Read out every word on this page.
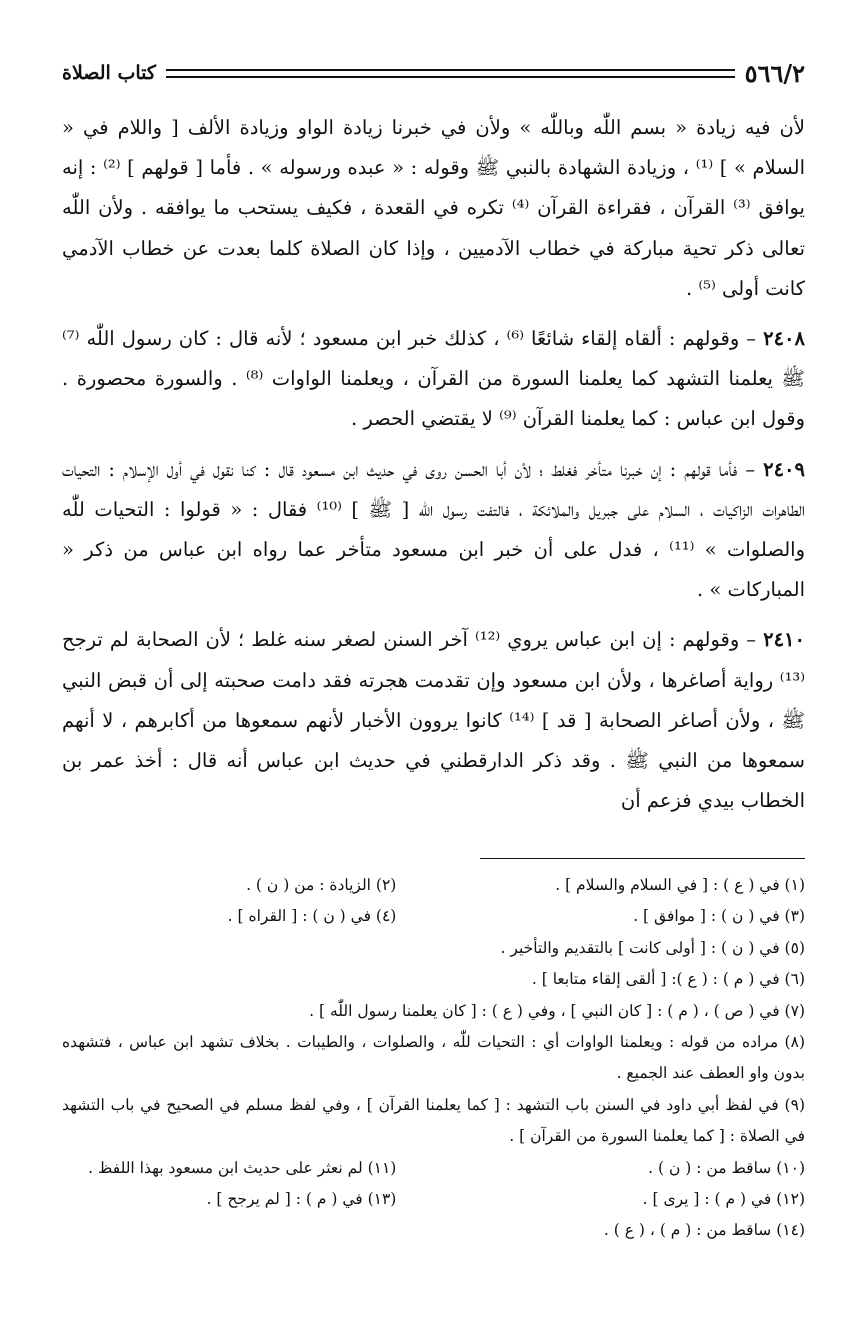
٥٦٦/٢
كتاب الصلاة

لأن فيه زيادة « بسم اللّٰه وباللّٰه » ولأن في خبرنا زيادة الواو وزيادة الألف [ واللام في « السلام » ] ⁽¹⁾ ، وزيادة الشهادة بالنبي ﷺ وقوله : « عبده ورسوله » . فأما [ قولهم ] ⁽²⁾ : إنه يوافق ⁽³⁾ القرآن ، فقراءة القرآن ⁽⁴⁾ تكره في القعدة ، فكيف يستحب ما يوافقه . ولأن اللّٰه تعالى ذكر تحية مباركة في خطاب الآدميين ، وإذا كان الصلاة كلما بعدت عن خطاب الآدمي كانت أولى ⁽⁵⁾ .

٢٤٠٨ – وقولهم : ألقاه إلقاء شائعًا ⁽⁶⁾ ، كذلك خبر ابن مسعود ؛ لأنه قال : كان رسول اللّٰه ⁽⁷⁾ ﷺ يعلمنا التشهد كما يعلمنا السورة من القرآن ، ويعلمنا الواوات ⁽⁸⁾ . والسورة محصورة . وقول ابن عباس : كما يعلمنا القرآن ⁽⁹⁾ لا يقتضي الحصر .

٢٤٠٩ – فأما قولهم : إن خبرنا متأخر فغلط ؛ لأن أبا الحسن روى في حديث ابن مسعود قال : كنا نقول في أول الإسلام : التحيات الطاهرات الزاكيات ، السلام على جبريل والملائكة ، فالتفت رسول اللّٰه [ ﷺ ] ⁽¹⁰⁾ فقال : « قولوا : التحيات للّٰه والصلوات » ⁽¹¹⁾ ، فدل على أن خبر ابن مسعود متأخر عما رواه ابن عباس من ذكر « المباركات » .

٢٤١٠ – وقولهم : إن ابن عباس يروي ⁽¹²⁾ آخر السنن لصغر سنه غلط ؛ لأن الصحابة لم ترجح ⁽¹³⁾ رواية أصاغرها ، ولأن ابن مسعود وإن تقدمت هجرته فقد دامت صحبته إلى أن قبض النبي ﷺ ، ولأن أصاغر الصحابة [ قد ] ⁽¹⁴⁾ كانوا يروون الأخبار لأنهم سمعوها من أكابرهم ، لا أنهم سمعوها من النبي ﷺ . وقد ذكر الدارقطني في حديث ابن عباس أنه قال : أخذ عمر بن الخطاب بيدي فزعم أن

(١) في ( ع ) : [ في السلام والسلام ] .
(٢) الزيادة : من ( ن ) .
(٣) في ( ن ) : [ موافق ] .
(٤) في ( ن ) : [ القراه ] .
(٥) في ( ن ) : [ أولى كانت ] بالتقديم والتأخير .
(٦) في ( م ) : ( ع ): [ ألقى إلقاء متابعا ] .
(٧) في ( ص ) ، ( م ) : [ كان النبي ] ، وفي ( ع ) : [ كان يعلمنا رسول اللّٰه ] .
(٨) مراده من قوله : ويعلمنا الواوات أي : التحيات للّٰه ، والصلوات ، والطيبات . بخلاف تشهد ابن عباس ، فتشهده بدون واو العطف عند الجميع .
(٩) في لفظ أبي داود في السنن باب التشهد : [ كما يعلمنا القرآن ] ، وفي لفظ مسلم في الصحيح في باب التشهد في الصلاة : [ كما يعلمنا السورة من القرآن ] .
(١٠) ساقط من : ( ن ) .
(١١) لم نعثر على حديث ابن مسعود بهذا اللفظ .
(١٢) في ( م ) : [ يرى ] .
(١٣) في ( م ) : [ لم يرجح ] .
(١٤) ساقط من : ( م ) ، ( ع ) .
